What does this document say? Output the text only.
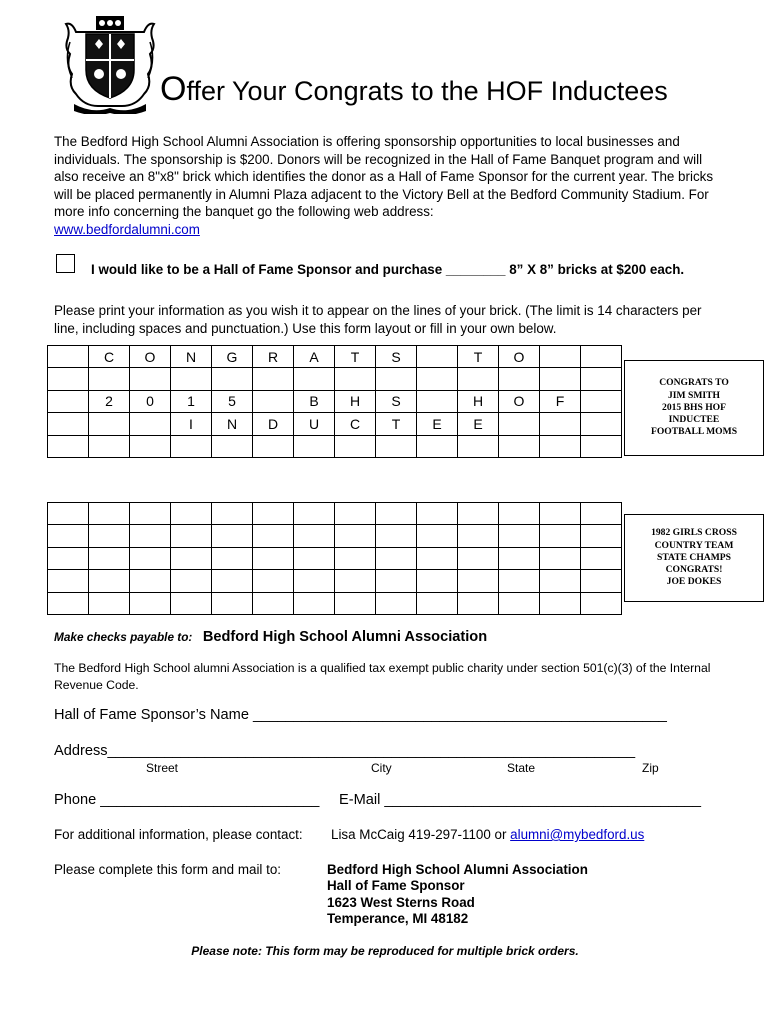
Offer Your Congrats to the HOF Inductees
The Bedford High School Alumni Association is offering sponsorship opportunities to local businesses and individuals. The sponsorship is $200. Donors will be recognized in the Hall of Fame Banquet program and will also receive an 8"x8" brick which identifies the donor as a Hall of Fame Sponsor for the current year. The bricks will be placed permanently in Alumni Plaza adjacent to the Victory Bell at the Bedford Community Stadium. For more info concerning the banquet go the following web address:
www.bedfordalumni.com
I would like to be a Hall of Fame Sponsor and purchase ________ 8” X 8” bricks at $200 each.
Please print your information as you wish it to appear on the lines of your brick. (The limit is 14 characters per line, including spaces and punctuation.) Use this form layout or fill in your own below.
	C	O	N	G	R	A	T	S		T	O		

	2	0	1	5		B	H	S		H	O	F	
			I	N	D	U	C	T	E	E			

CONGRATS TO
JIM SMITH
2015 BHS HOF
INDUCTEE
FOOTBALL MOMS

1982 GIRLS CROSS
COUNTRY TEAM
STATE CHAMPS
CONGRATS!
JOE DOKES
Make checks payable to: Bedford High School Alumni Association
The Bedford High School alumni Association is a qualified tax exempt public charity under section 501(c)(3) of the Internal Revenue Code.
Hall of Fame Sponsor’s Name ___________________________________________________
Address_________________________________________________________________
Street	City	State	Zip
Phone ___________________________ E-Mail _______________________________________
For additional information, please contact: Lisa McCaig 419-297-1100 or alumni@mybedford.us
Please complete this form and mail to:	Bedford High School Alumni Association
Hall of Fame Sponsor
1623 West Sterns Road
Temperance, MI 48182
Please note: This form may be reproduced for multiple brick orders.
